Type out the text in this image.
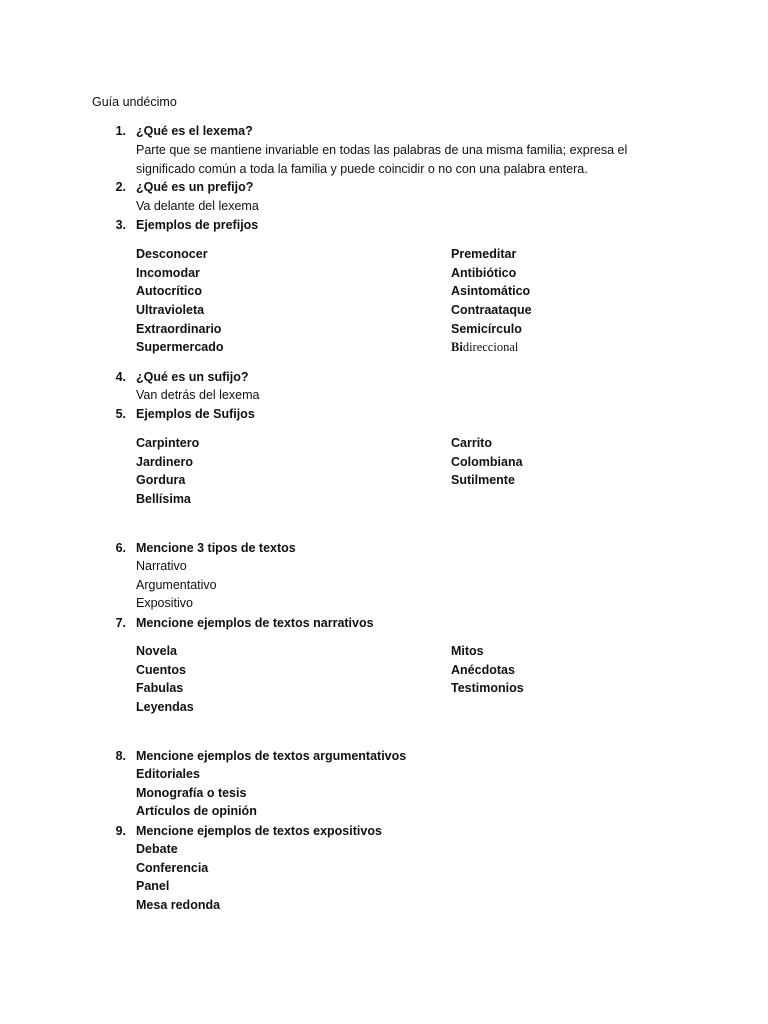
Guía undécimo
1. ¿Qué es el lexema?
Parte que se mantiene invariable en todas las palabras de una misma familia; expresa el significado común a toda la familia y puede coincidir o no con una palabra entera.
2. ¿Qué es un prefijo?
Va delante del lexema
3. Ejemplos de prefijos
Desconocer
Incomodar
Autocrítico
Ultravioleta
Extraordinario
Supermercado
Premeditar
Antibiótico
Asintomático
Contraataque
Semicírculo
Bidireccional
4. ¿Qué es un sufijo?
Van detrás del lexema
5. Ejemplos de Sufijos
Carpintero
Jardinero
Gordura
Bellísima
Carrito
Colombiana
Sutilmente
6. Mencione 3 tipos de textos
Narrativo
Argumentativo
Expositivo
7. Mencione ejemplos de textos narrativos
Novela
Cuentos
Fabulas
Leyendas
Mitos
Anécdotas
Testimonios
8. Mencione ejemplos de textos argumentativos
Editoriales
Monografía o tesis
Artículos de opinión
9. Mencione ejemplos de textos expositivos
Debate
Conferencia
Panel
Mesa redonda
